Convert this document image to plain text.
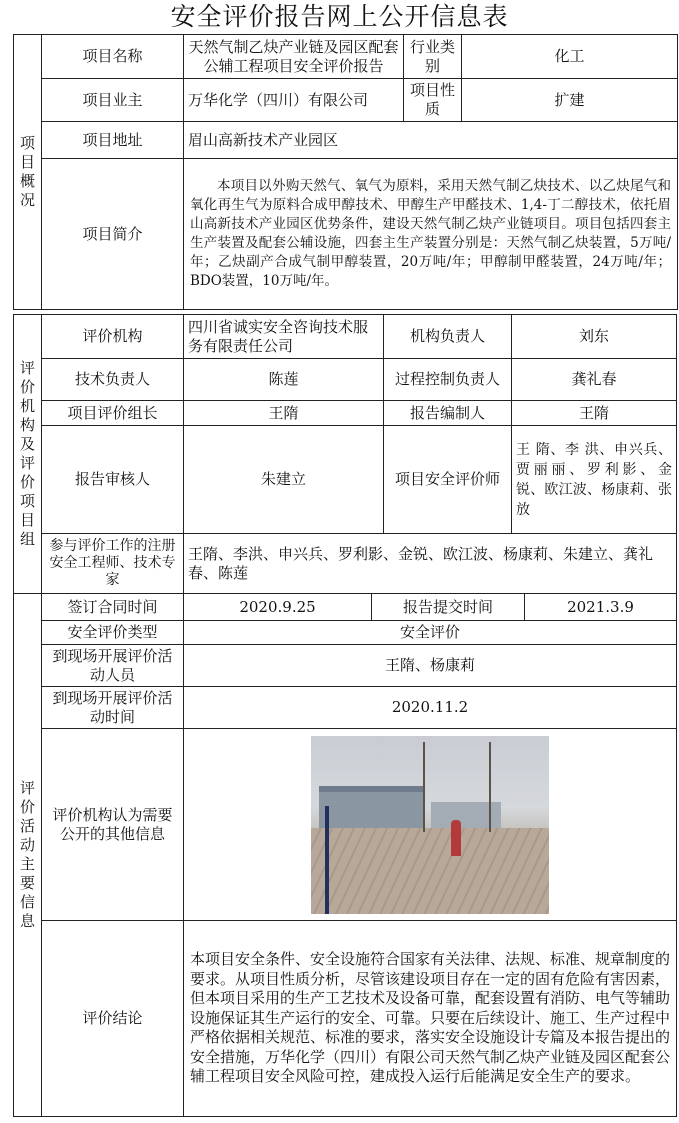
安全评价报告网上公开信息表
项目概况	项目名称	天然气制乙炔产业链及园区配套公辅工程项目安全评价报告	行业类别	化工
	项目业主	万华化学（四川）有限公司	项目性质	扩建
	项目地址	眉山高新技术产业园区		
	项目简介	本项目以外购天然气、氧气为原料，采用天然气制乙炔技术、以乙炔尾气和氧化再生气为原料合成甲醇技术、甲醇生产甲醛技术、1,4-丁二醇技术，依托眉山高新技术产业园区优势条件，建设天然气制乙炔产业链项目。项目包括四套主生产装置及配套公辅设施，四套主生产装置分别是：天然气制乙炔装置，5万吨/年；乙炔副产合成气制甲醇装置，20万吨/年；甲醇制甲醛装置，24万吨/年；BDO装置，10万吨/年。		
评价机构及评价项目组	评价机构	四川省诚实安全咨询技术服务有限责任公司	机构负责人	刘东
	技术负责人	陈莲	过程控制负责人	龚礼春
	项目评价组长	王隋	报告编制人	王隋
	报告审核人	朱建立	项目安全评价师	王 隋、李 洪、申兴兵、贾丽丽、罗利影、金 锐、欧江波、杨康莉、张 放
	参与评价工作的注册安全工程师、技术专家	王隋、李洪、申兴兵、罗利影、金锐、欧江波、杨康莉、朱建立、龚礼春、陈莲		
评价活动主要信息	签订合同时间	2020.9.25	报告提交时间	2021.3.9
	安全评价类型	安全评价		
	到现场开展评价活动人员	王隋、杨康莉		
	到现场开展评价活动时间	2020.11.2		
	评价机构认为需要公开的其他信息			

	评价结论	本项目安全条件、安全设施符合国家有关法律、法规、标准、规章制度的要求。从项目性质分析，尽管该建设项目存在一定的固有危险有害因素，但本项目采用的生产工艺技术及设备可靠，配套设置有消防、电气等辅助设施保证其生产运行的安全、可靠。只要在后续设计、施工、生产过程中严格依据相关规范、标准的要求，落实安全设施设计专篇及本报告提出的安全措施，万华化学（四川）有限公司天然气制乙炔产业链及园区配套公辅工程项目安全风险可控，建成投入运行后能满足安全生产的要求。		
